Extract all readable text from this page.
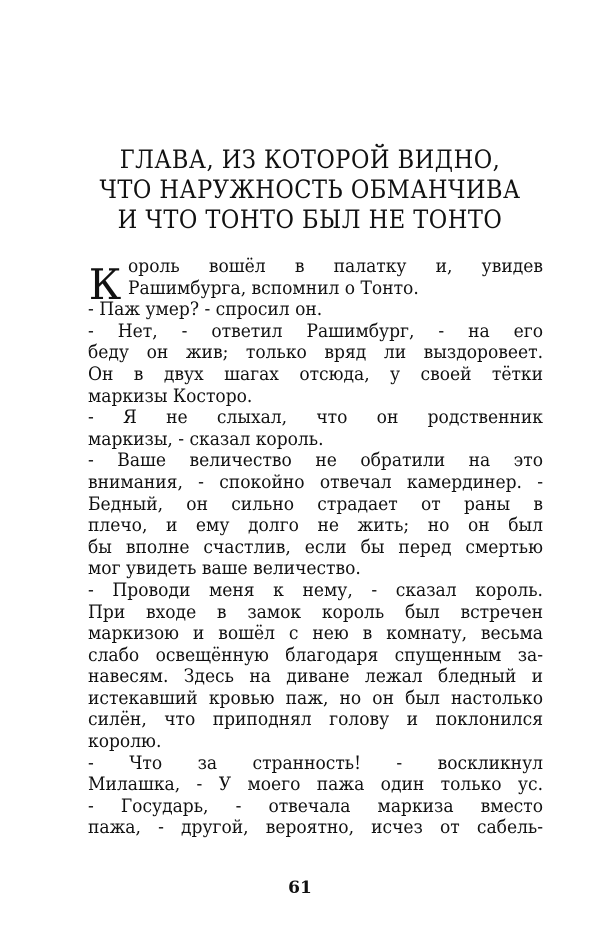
ГЛАВА, ИЗ КОТОРОЙ ВИДНО,
ЧТО НАРУЖНОСТЬ ОБМАНЧИВА
И ЧТО ТОНТО БЫЛ НЕ ТОНТО
К ороль вошёл в палатку и, увидев
Рашимбурга, вспомнил о Тонто.
- Паж умер? - спросил он.
- Нет, - ответил Рашимбург, - на его
беду он жив; только вряд ли выздоровеет.
Он в двух шагах отсюда, у своей тётки
маркизы Косторо.
- Я не слыхал, что он родственник
маркизы, - сказал король.
- Ваше величество не обратили на это
внимания, - спокойно отвечал камердинер. -
Бедный, он сильно страдает от раны в
плечо, и ему долго не жить; но он был
бы вполне счастлив, если бы перед смертью
мог увидеть ваше величество.
- Проводи меня к нему, - сказал король.
При входе в замок король был встречен
маркизою и вошёл с нею в комнату, весьма
слабо освещённую благодаря спущенным за-
навесям. Здесь на диване лежал бледный и
истекавший кровью паж, но он был настолько
силён, что приподнял голову и поклонился
королю.
- Что за странность! - воскликнул
Милашка, - У моего пажа один только ус.
- Государь, - отвечала маркиза вместо
пажа, - другой, вероятно, исчез от сабель-
61
